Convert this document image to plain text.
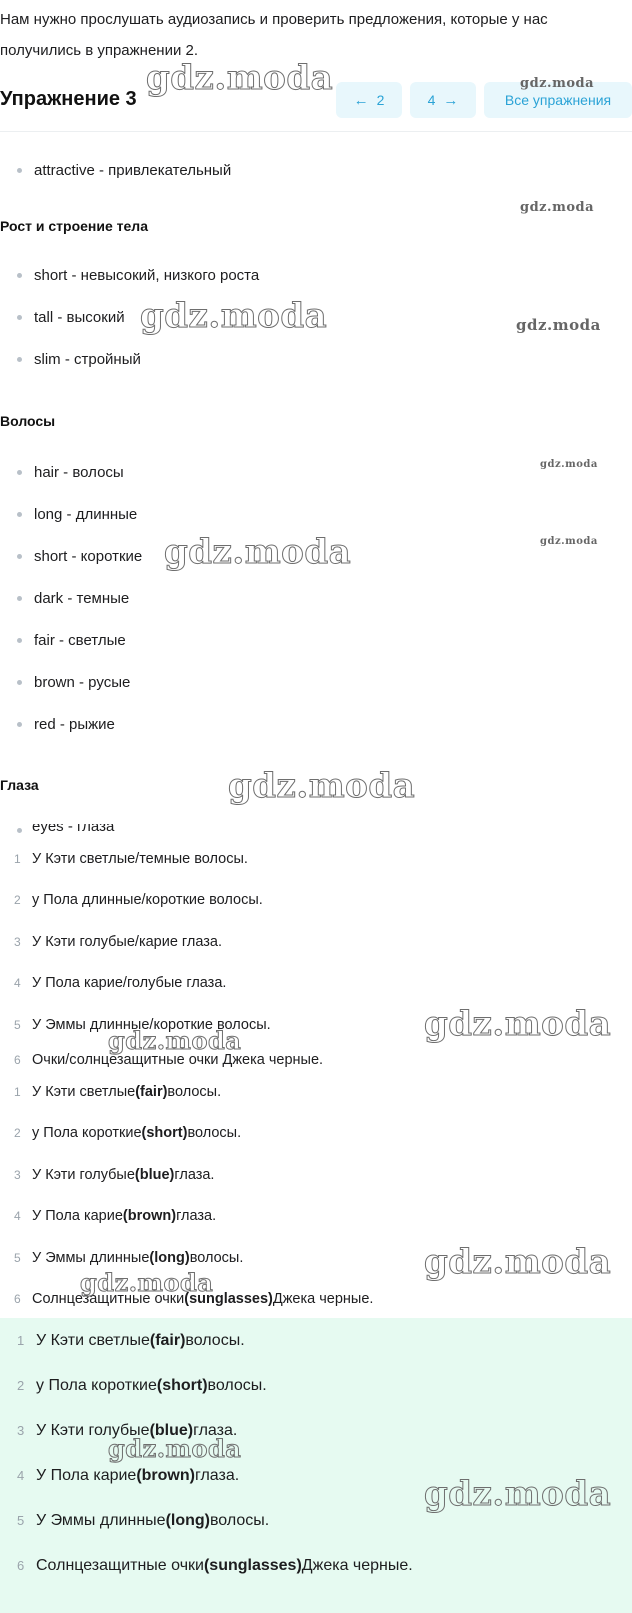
Нам нужно прослушать аудиозапись и проверить предложения, которые у нас
получились в упражнении 2.
Упражнение 3	← 2	4 →	Все упражнения
attractive - привлекательный
Рост и строение тела
short - невысокий, низкого роста
tall - высокий
slim - стройный
Волосы
hair - волосы
long - длинные
short - короткие
dark - темные
fair - светлые
brown - русые
red - рыжие
Глаза
eyes - глаза
1 У Кэти светлые/темные волосы.
2 у Пола длинные/короткие волосы.
3 У Кэти голубые/карие глаза.
4 У Пола карие/голубые глаза.
5 У Эммы длинные/короткие волосы.
6 Очки/солнцезащитные очки Джека черные.
1 У Кэти светлые (fair) волосы.
2 у Пола короткие (short) волосы.
3 У Кэти голубые (blue) глаза.
4 У Пола карие (brown) глаза.
5 У Эммы длинные (long) волосы.
6 Солнцезащитные очки (sunglasses) Джека черные.
1 У Кэти светлые (fair) волосы.
2 у Пола короткие (short) волосы.
3 У Кэти голубые (blue) глаза.
4 У Пола карие (brown) глаза.
5 У Эммы длинные (long) волосы.
6 Солнцезащитные очки (sunglasses) Джека черные.
gdz.moda	gdz.moda
gdz.moda
gdz.moda	gdz.moda
gdz.moda
gdz.moda
gdz.moda
gdz.moda
gdz.moda
gdz.moda
gdz.moda
gdz.moda
gdz.moda
gdz.moda
